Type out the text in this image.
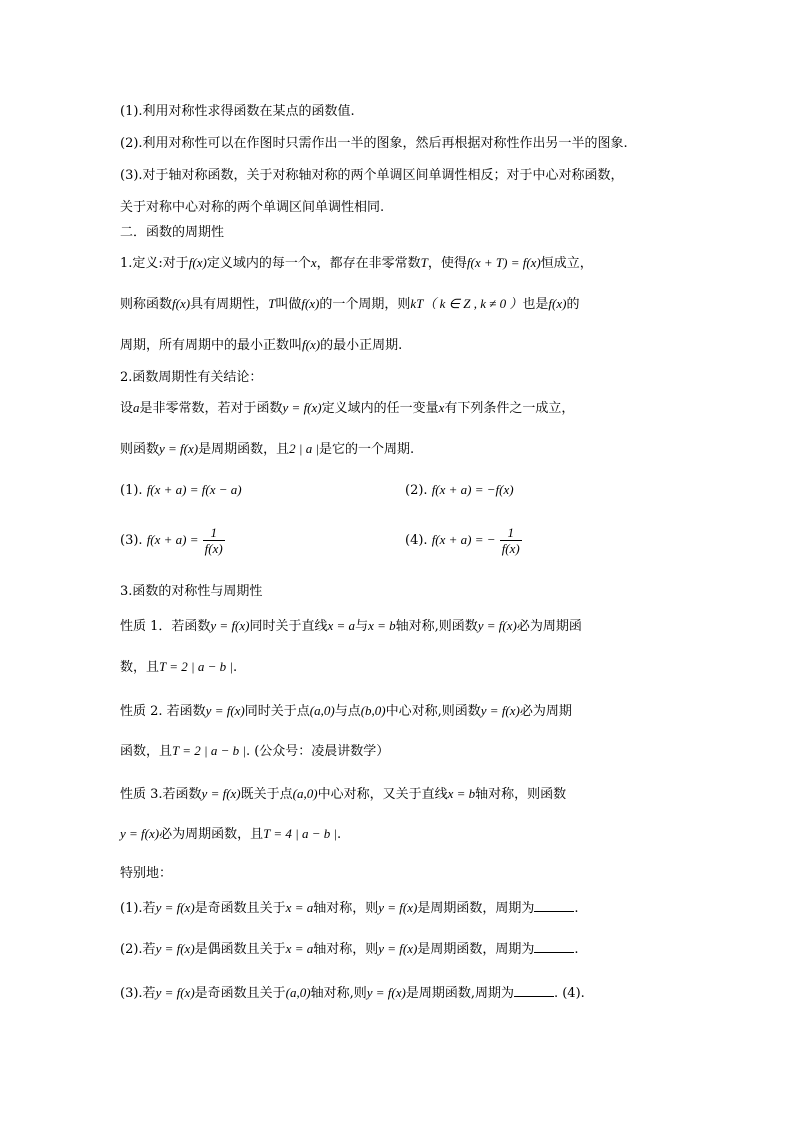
(1).利用对称性求得函数在某点的函数值.
(2).利用对称性可以在作图时只需作出一半的图象，然后再根据对称性作出另一半的图象.
(3).对于轴对称函数，关于对称轴对称的两个单调区间单调性相反；对于中心对称函数，
关于对称中心对称的两个单调区间单调性相同.
二．函数的周期性
1.定义:对于f(x)定义域内的每一个x，都存在非零常数T，使得f(x + T) = f(x)恒成立，
则称函数f(x)具有周期性，T叫做f(x)的一个周期，则kT（ k ∈ Z , k ≠ 0 ）也是f(x)的
周期，所有周期中的最小正数叫f(x)的最小正周期.
2.函数周期性有关结论：
设a是非零常数，若对于函数y = f(x)定义域内的任一变量x有下列条件之一成立，
则函数y = f(x)是周期函数，且2 | a |是它的一个周期.
(1). f(x + a) = f(x − a)	(2). f(x + a) = −f(x)
(3). $f(x + a) = \frac{1}{f(x)}$	(4). f(x + a) = − $\frac{1}{f(x)}$
3.函数的对称性与周期性
性质 1．若函数y = f(x)同时关于直线x = a与x = b轴对称,则函数y = f(x)必为周期函
数，且T = 2 | a − b |.
性质 2. 若函数y = f(x)同时关于点(a,0)与点(b,0)中心对称,则函数y = f(x)必为周期
函数，且T = 2 | a − b |. (公众号：凌晨讲数学）
性质 3.若函数y = f(x)既关于点(a,0)中心对称，又关于直线x = b轴对称，则函数
y = f(x)必为周期函数，且T = 4 | a − b |.
特别地：
(1).若y = f(x)是奇函数且关于x = a轴对称，则y = f(x)是周期函数，周期为	.
(2).若y = f(x)是偶函数且关于x = a轴对称，则y = f(x)是周期函数，周期为	.
(3).若y = f(x)是奇函数且关于(a,0)轴对称,则y = f(x)是周期函数,周期为	. (4).
